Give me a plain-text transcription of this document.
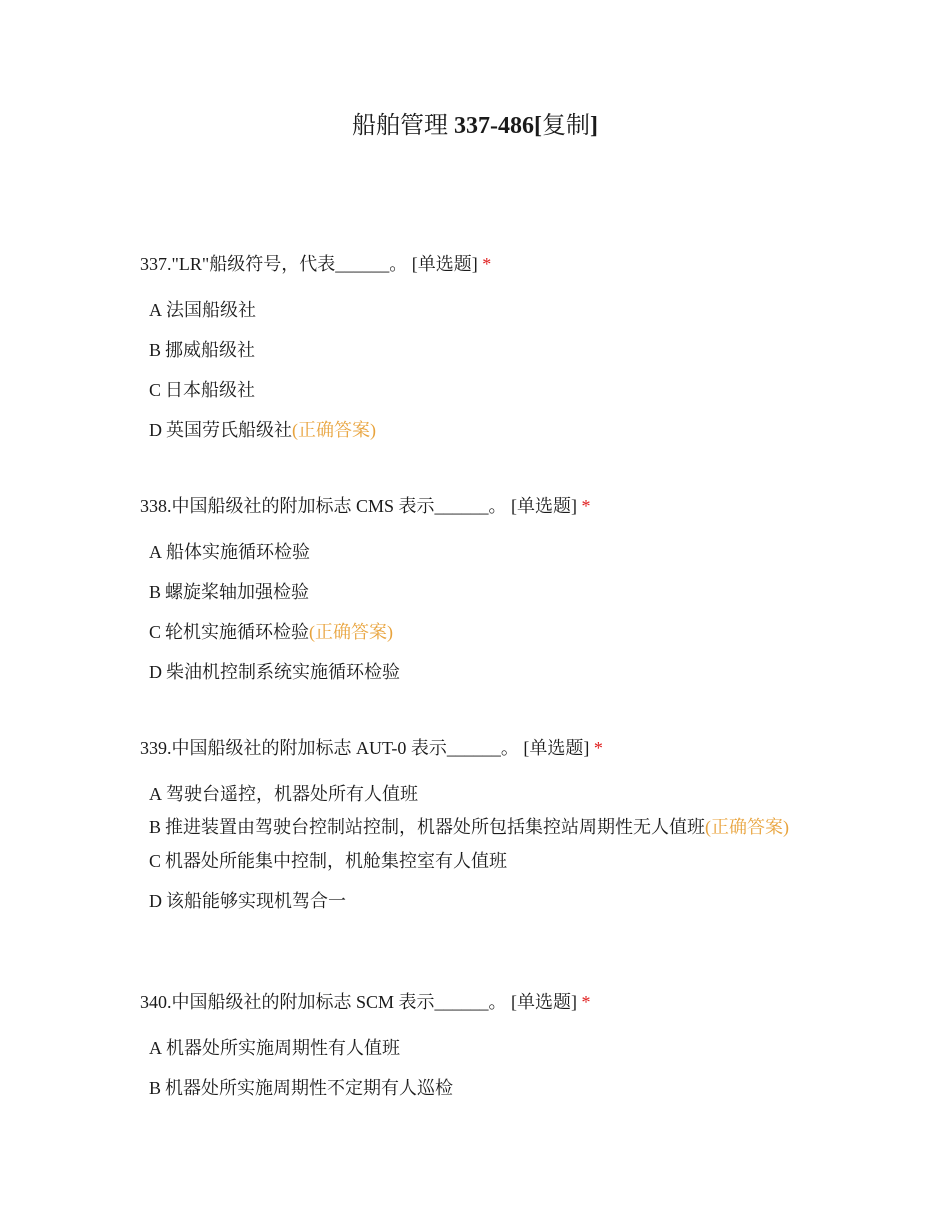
船舶管理 337-486[复制]
337."LR"船级符号，代表______。 [单选题] *
A 法国船级社
B 挪威船级社
C 日本船级社
D 英国劳氏船级社(正确答案)
338.中国船级社的附加标志 CMS 表示______。 [单选题] *
A 船体实施循环检验
B 螺旋桨轴加强检验
C 轮机实施循环检验(正确答案)
D 柴油机控制系统实施循环检验
339.中国船级社的附加标志 AUT-0 表示______。 [单选题] *
A 驾驶台遥控，机器处所有人值班
B 推进装置由驾驶台控制站控制，机器处所包括集控站周期性无人值班(正确答案)
C 机器处所能集中控制，机舱集控室有人值班
D 该船能够实现机驾合一
340.中国船级社的附加标志 SCM 表示______。 [单选题] *
A 机器处所实施周期性有人值班
B 机器处所实施周期性不定期有人巡检
